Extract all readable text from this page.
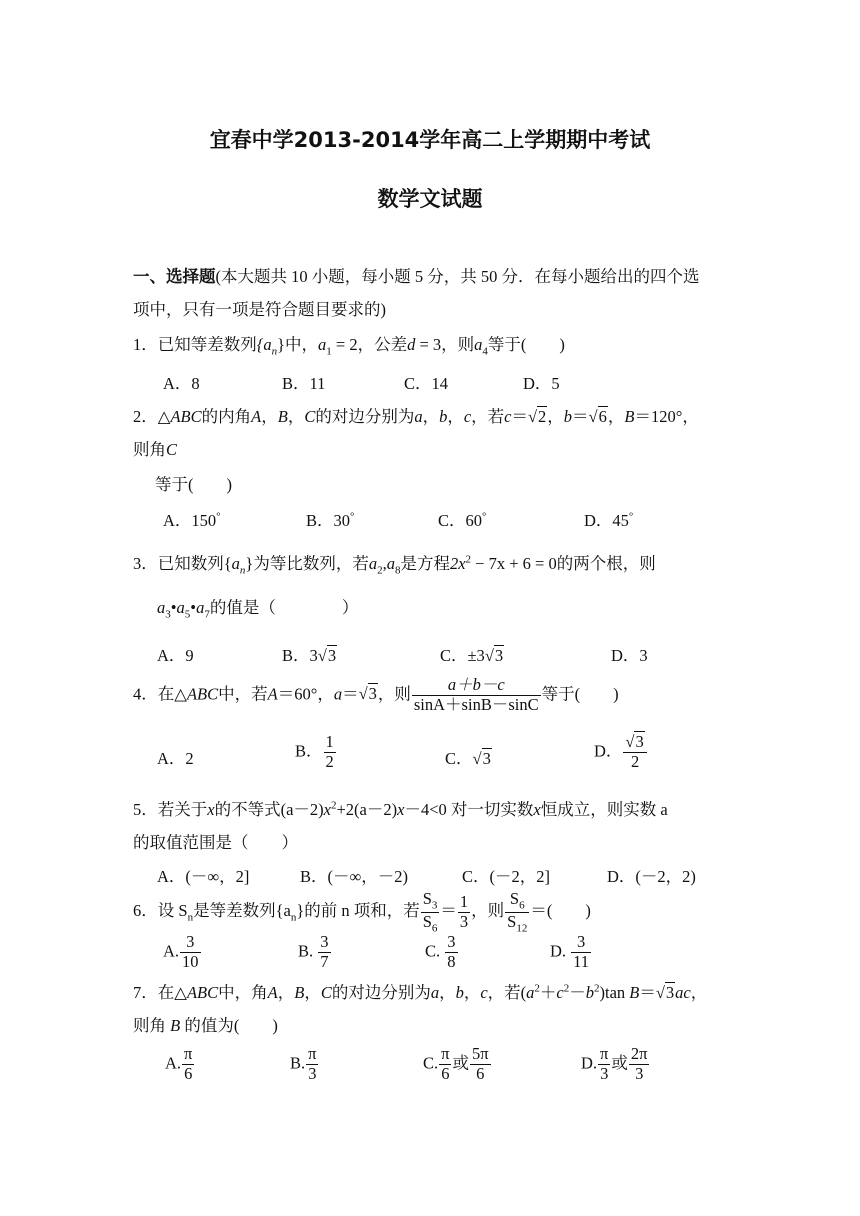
宜春中学2013-2014学年高二上学期期中考试
数学文试题
一、选择题(本大题共 10 小题，每小题 5 分，共 50 分．在每小题给出的四个选
项中，只有一项是符合题目要求的)
1．已知等差数列$\{a_n\}$中，$a_1 = 2$，公差d = 3，则$a_4$等于(　　)
A．8	B．11	C．14	D．5
2．△ABC的内角A，B，C的对边分别为a，b，c，若c＝√2，b＝√6，B＝120°，
则角C
等于(　　)
A．150°	B．30°	C．60°	D．45°
3．已知数列$\{a_n\}$为等比数列，若$a_2,a_8$是方程$2x^2 - 7x + 6 = 0$的两个根，则
$a_3•a_5•a_7$的值是（　　　　）
A．9	B．3√3	C．±3√3	D．3
4．在△ABC中，若A＝60°，a＝√3，则 $\frac{a+b-c}{\sin A+\sin B-\sin C}$ 等于(　　)
A．2	B． $\frac{1}{2}$	C．√3	D． $\frac{√3}{2}$
5．若关于x的不等式$(a-2)x^2+2(a-2)x-4<0$ 对一切实数x恒成立，则实数 a
的取值范围是（　　）
A．(－∞，2]	B．(－∞，－2)	C．(－2，2]	D．(－2，2)
6．设 $S_n$是等差数列$\{a_n\}$的前 n 项和，若 $\frac{S_3}{S_6} = \frac{1}{3}$ ，则 $\frac{S_6}{S_{12}}$ ＝(　　)
A. $\frac{3}{10}$	B. $\frac{3}{7}$	C. $\frac{3}{8}$	D. $\frac{3}{11}$
7．在△ABC中，角A，B，C的对边分别为a，b，c，若$(a^2+c^2-b^2)\tan$ B＝√3ac，
则角 B 的值为(　　)
A. $\frac{\pi}{6}$	B. $\frac{\pi}{3}$	C. $\frac{\pi}{6}$ 或 $\frac{5\pi}{6}$	D. $\frac{\pi}{3}$ 或 $\frac{2\pi}{3}$
